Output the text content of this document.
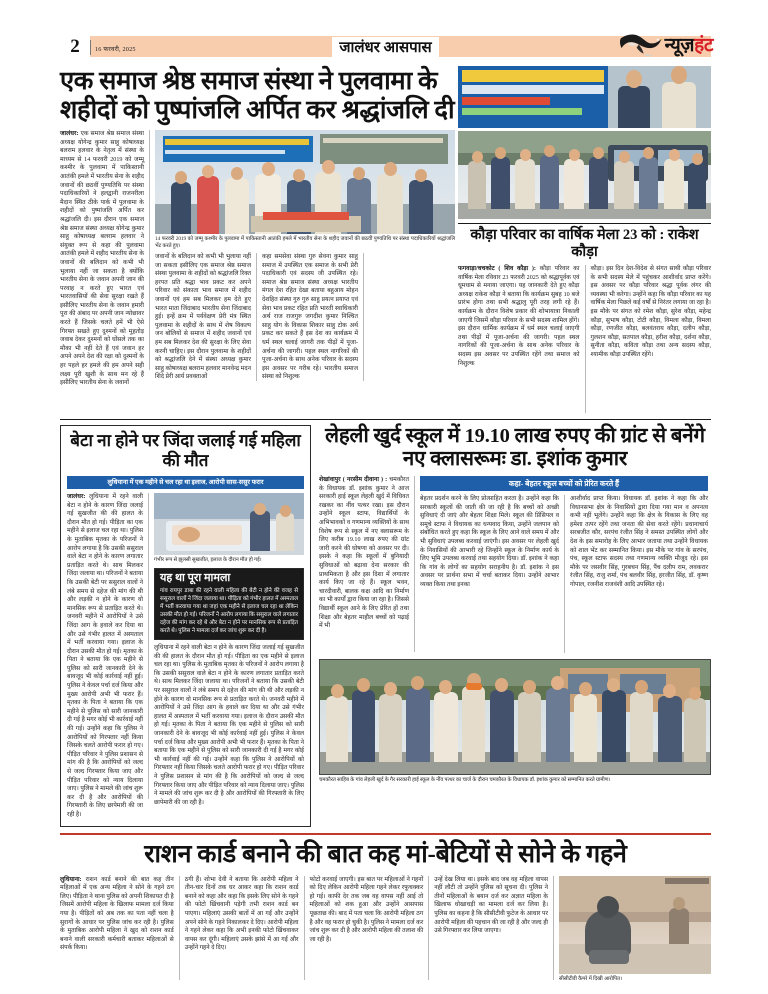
2	16 फरवरी, 2025	जालंधर आसपास	न्यूज़हंट
एक समाज श्रेष्ठ समाज संस्था ने पुलवामा के शहीदों को पुष्पांजलि अर्पित कर श्रद्धांजलि दी
जालंधर: एक समाज श्रेष्ठ समाज संस्था अध्यक्ष योगेन्द्र कुमार साहु कोषाध्यक्ष बलराम हलवार के नेतृत्व में संस्था के माध्यम से 14 फरवरी 2019 को जम्मू कश्मीर के पुलवामा में पाकिस्तानी आतंकी हमले में भारतीय सेना के शहीद जवानों की छठवीं पुण्यतिथि पर संस्था पदाधिकारियों ने हलद्वानी राजनरीला मैदान स्थित ठीके पार्क में पुलवामा के शहीदों को पुष्पांजलि अर्पित कर श्रद्धांजलि दी। इस दौरान एक समाज श्रेष्ठ समाज संस्था अध्यक्ष योगेन्द्र कुमार साहु कोषाध्यक्ष बलराम हलवार ने संयुक्त रूप से कहा की पुलवामा आतंकी हमले में शहीद भारतीय सेना के जवानों की बलिदान को कभी भी भुलाया नहीं जा सकता है क्योंकि भारतीय सेना के जवान अपनी जान की परवाह न करते हुए भारत एवं भारतवासियों की सेवा सुरक्षा रखते हैं इसीलिए भारतीय सेना के जवान हमारी पूरा की अंबाद पर अपनी जान न्योछावर करते हैं जिसके चलते हमें भी ऐसे गिरफ्त सखते हुए दुश्मनों को मुहतोड़ जवाब देकर दुश्मनों को घोंसले तक का मौका भी नहीं देते हैं एवं जवान हर अपने अपने देश की रक्षा को दुश्मनों के हर पहले हर हमले की हम अपने सही लक्ष्य पूरी खुशी के साथ मन रहे हैं इसीलिए भारतीय सेना के जवानों
14 फरवरी 2019 को जम्मू कश्मीर के पुलवामा में पाकिस्तानी आतंकी हमले में भारतीय सेना के शहीद जवानों की छठवीं पुण्यतिथि पर संस्था पदाधिकारियों श्रद्धांजलि भेंट करते हुए।
जवानों के बलिदान को कभी भी भुलाया नहीं जा सकता इसीलिए एक समाज श्रेष्ठ समाज संस्था पुलवामा के शहीदों को श्रद्धांजलि रिक्त हरपत प्रति श्रद्धा भाव प्रकट कर अपने परिवार को संकाता भाव समाज में शहीद जवानों एवं हम सब मिलकर हम देते हुए भारत माता जिंदाबाद भारतीय सेना जिंदाबाद हुई। इन्हें क्रम में पर्यवेक्षण प्रेरी मंत्र स्थित पुलवामा के शहीदों के साथ में शेष विकल्प जन बोलियों से समाज में शहीद जवानों एवं हम सब मिलकर देश की सुरक्षा के लिए सेवा करनी चाहिए। इस दौरान पुलवामा के शहीदों को श्रद्धांजलि देने में संस्था अध्यक्ष कुमार साहु कोषाध्यक्ष बलराम हलवार मानवेन्द्र मदन शिंदे प्रेरी आर्य प्रवक्ताओं
कहा समसेवा संस्था गुरु सेवना कुमार साहु समाज में उपस्थित एक समाज के सभी प्रेरी पदाधिकारी एवं सदस्य जी उपस्थित रहे। समाज श्रेष्ठ समाज संस्था अध्यक्ष भारतीय मंगल देश रहित देखा बताया बहुआय मोहन देशहित संस्था गुरु गुरु साहु प्रयत्न प्रयाप्त एवं सेवा भाव प्रकट रहित प्रति भारती स्वाधिकारी अर्थ राज राजगुरु जगदीश कुमार निश्चित साहु योग के विकास शिकार साहु टोक अर्थ प्रकट कर सकते हैं इस देश का कार्यक्रम में धर्म स्थल चलाई जागरी तक पीढ़ों में पूजा-अर्चना की जागरी। पहल स्थल नागरिकों की पूजा-अर्चना के साथ अनेक परिवार के सदस्य इस अवसर पर गरीब रहे। भारतीय समाज संस्था को निशुल्क
कौड़ा परिवार का वार्षिक मेला 23 को : राकेश कौड़ा
फगवाड़ा/चचकोट ( शिव कौड़ा ): कौड़ा परिवार का वार्षिक मेला रविवार 23 फरवरी 2025 को श्रद्धापूर्वक एवं धूमधाम से मनाया जाएगा। यह जानकारी देते हुए कौड़ा अध्यक्ष राकेश कौड़ा ने बताया कि कार्यक्रम सुबह 10 बजे प्रारंभ होगा तथा सभी श्रद्धालु पूरी तरह लगी रहे हैं। कार्यक्रम के दौरान विशेष प्रकार की शोभायात्रा निकाली जाएगी जिसमें कौड़ा परिवार के सभी सदस्य शामिल होंगे। इस दौरान धार्मिक कार्यक्रम में धर्म स्थल चलाई जाएगी तथा पीढ़ों में पूजा-अर्चना की जागरी। पहल स्थल नागरिकों की पूजा-अर्चना के साथ अनेक परिवार के सदस्य इस अवसर पर उपस्थित रहेंगे तथा समाज को निशुल्क
कौड़ा। इस दिन देश-विदेश से संगत साथी कौड़ा परिवार के सभी सदस्य मेले में पहुंचकर आशीर्वाद प्राप्त करेंगे। इस अवसर पर कौड़ा परिवार श्रद्धा पूर्वक लंगर की व्यवस्था भी करेगा। उन्होंने कहा कि कौड़ा परिवार का यह वार्षिक मेला पिछले कई वर्षों से निरंतर लगाया जा रहा है। इस मौके पर संगत को रमेश कौड़ा, सुरेश कौड़ा, महेन्द्र कौड़ा, सुभाष कौड़ा, टोटी कौड़ा, विमला कौड़ा, विमला कौड़ा, रणजीत कौड़ा, बलवंतराय कौड़ा, दलीप कौड़ा, गुलशन कौड़ा, सतपाल कौड़ा, हरीश कौड़ा, दर्शना कौड़ा, सुनीता कौड़ा, कविता कौड़ा तथा अन्य सदस्य कौड़ा, श्यामीक कौड़ा उपस्थित रहेंगे।
बेटा ना होने पर जिंदा जलाई गई महिला की मौत
लुधियाना में एक महीने से चल रहा था इलाज, आरोपी सास-ससुर फरार
जालंधर: लुधियाना में रहने वाली बेटा न होने के कारण जिंदा जलाई गई सुखजीत की की हालत के दौरान मौत हो गई। पीड़िता का एक महीने से इलाज चल रहा था। पुलिस के मुताबिक मृतका के परिजनों ने आरोप लगाया है कि उसकी ससुराल वाले बेटा न होने के कारण लगातार प्रताड़ित करते थे। साथ मिलकर जिंदा जलाया था। परिजनों ने बताया कि उसकी बेटी पर ससुराल वालों ने लंबे समय से दहेज की मांग की थी और लड़की न होने के कारण वो मानसिक रूप से प्रताड़ित करते थे। जनवरी महीने में आरोपियों ने उसे जिंदा आग के हवाले कर दिया था और उसे गंभीर हालत में अस्पताल में भर्ती करवाया गया। इलाज के दौरान उसकी मौत हो गई। मृतका के पिता ने बताया कि एक महीने से पुलिस को सारी जानकारी देने के बावजूद भी कोई कार्रवाई नहीं हुई। पुलिस ने केवल पर्चा दर्ज किया और मुख्य आरोपी अभी भी फरार हैं। मृतका के पिता ने बताया कि एक महीने से पुलिस को सारी जानकारी दी गई है मगर कोई भी कार्रवाई नहीं की गई। उन्होंने कहा कि पुलिस ने आरोपियों को गिरफ्तार नहीं किया जिसके चलते आरोपी फरार हो गए। पीड़ित परिवार ने पुलिस प्रशासन से मांग की है कि आरोपियों को जल्द से जल्द गिरफ्तार किया जाए और पीड़ित परिवार को न्याय दिलाया जाए। पुलिस ने मामले की जांच शुरू कर दी है और आरोपियों की गिरफ्तारी के लिए छापेमारी की जा रही है।
गंभीर रूप से झुलसी सुखजीत, इलाज के दौरान मौत हो गई।
यह था पूरा मामला
गांव रायपुर डाबा की रहने वाली महिला की बेटी न होने की वजह से ससुराल वालों ने जिंदा जलाया था। पीड़िता को गंभीर हालत में अस्पताल में भर्ती करवाया गया था जहां एक महीने से इलाज चल रहा था लेकिन उसकी मौत हो गई। परिजनों ने आरोप लगाया कि ससुराल वाले लगातार दहेज की मांग कर रहे थे और बेटा न होने पर मानसिक रूप से प्रताड़ित करते थे। पुलिस ने मामला दर्ज कर जांच शुरू कर दी है।
लुधियाना में रहने वाली बेटा न होने के कारण जिंदा जलाई गई सुखजीत की की हालत के दौरान मौत हो गई। पीड़िता का एक महीने से इलाज चल रहा था। पुलिस के मुताबिक मृतका के परिजनों ने आरोप लगाया है कि उसकी ससुराल वाले बेटा न होने के कारण लगातार प्रताड़ित करते थे। साथ मिलकर जिंदा जलाया था। परिजनों ने बताया कि उसकी बेटी पर ससुराल वालों ने लंबे समय से दहेज की मांग की थी और लड़की न होने के कारण वो मानसिक रूप से प्रताड़ित करते थे। जनवरी महीने में आरोपियों ने उसे जिंदा आग के हवाले कर दिया था और उसे गंभीर हालत में अस्पताल में भर्ती करवाया गया। इलाज के दौरान उसकी मौत हो गई। मृतका के पिता ने बताया कि एक महीने से पुलिस को सारी जानकारी देने के बावजूद भी कोई कार्रवाई नहीं हुई। पुलिस ने केवल पर्चा दर्ज किया और मुख्य आरोपी अभी भी फरार हैं। मृतका के पिता ने बताया कि एक महीने से पुलिस को सारी जानकारी दी गई है मगर कोई भी कार्रवाई नहीं की गई। उन्होंने कहा कि पुलिस ने आरोपियों को गिरफ्तार नहीं किया जिसके चलते आरोपी फरार हो गए। पीड़ित परिवार ने पुलिस प्रशासन से मांग की है कि आरोपियों को जल्द से जल्द गिरफ्तार किया जाए और पीड़ित परिवार को न्याय दिलाया जाए। पुलिस ने मामले की जांच शुरू कर दी है और आरोपियों की गिरफ्तारी के लिए छापेमारी की जा रही है।
लेहली खुर्द स्कूल में 19.10 लाख रुपए की ग्रांट से बनेंगे नए क्लासरूमः डा. इशांक कुमार
शेखांवापुर ( नरसीम दीवाना ) : चमकौरत के विधायक डॉ. इशांक कुमार ने आज सरकारी हाई स्कूल लेहली खुर्द में विधिवत रखकर का नींव पत्थर रखा। इस दौरान उन्होंने स्कूल स्टाफ, विद्यार्थियों के अभिभावकों व गणमान्य व्यक्तियों के साथ विशेष रूप से स्कूल में नए क्लासरूम के लिए करीब 19.10 लाख रुपए की ग्रांट जारी करने की घोषणा को अवसर पर दी। इसके ने कहा कि स्कूलों में बुनियादी सुविधाओं को बढ़ावा देना सरकार की प्राथमिकता है और इस दिशा में लगातार कार्य किए जा रहे हैं। स्कूल भवन, चारदीवारी, बालक कक्ष आदि का निर्माण का भी कार्यों द्वारा किया जा रहा है। जिससे विद्यार्थी स्कूल आने के लिए प्रेरित हों तथा शिक्षा और बेहतर माहौल बच्चों को पढ़ाई में भी
कहा- बेहतर स्कूल बच्चों को प्रेरित करते हैं
बेहतर प्रदर्शन करने के लिए प्रोत्साहित करता है। उन्होंने कहा कि सरकारी स्कूलों की जाती की जा रही है कि बच्चों को अच्छी सुविधाएं दी जाएं और बेहतर शिक्षा मिले। स्कूल की प्रिंसिपल व समूचे स्टाफ ने विधायक का धन्यवाद किया, उन्होंने जलपान को संबोधित करते हुए कहा कि स्कूल के लिए आने वाले समय में और भी सुविधाएं उपलब्ध करवाई जाएंगी। इस अवसर पर लेहली खुर्द के निवासियों की आभारी रहे जिन्होंने स्कूल के निर्माण कार्य के लिए भूमि उपलब्ध करवाई तथा सहयोग दिया। डॉ. इशांक ने कहा कि गांव के लोगों का सहयोग सराहनीय है। डॉ. इशांक ने इस अवसर पर प्रार्थना सभा में चर्चा बताकर दिया। उन्होंने आभार व्यक्त किया तथा इनका
आशीर्वाद प्राप्त किया। विधायक डॉ. इशांक ने कहा कि और विधानसभा क्षेत्र के निवासियों द्वारा दिया गया मान व अपनत्व कभी नहीं भूलेंगे। उन्होंने कहा कि क्षेत्र के विकास के लिए वह हमेशा तत्पर रहेंगे तथा जनता की सेवा करते रहेंगे। प्रधानाचार्य सरबजीत कौर, सरपंच रंजीत सिंह ने समस्त उपस्थित लोगों और देश के इस समारोह के लिए आभार जताया तथा उन्होंने विधायक को शाल भेंट कर सम्मानित किया। इस मौके पर गांव के सरपंच, पंच, स्कूल स्टाफ सदस्य तथा गणमान्य व्यक्ति मौजूद रहे। इस मौके पर जसवीर सिंह, गुरबचन सिंह, पैंच दलीप राम, लवकरार रंजीत सिंह, राजु शर्मा, पंच बलवीर सिंह, हरजीत सिंह, डॉ. कृष्ण गोपाल, रजनीश राजवंशी आदि उपस्थित रहे।
चमकौरत साहिब के गांव लेहली खुर्द के गैर सरकारी हाई स्कूल के नींव पत्थर का चार्ज के दौरान चमकौरत के विधायक डॉ. इशांक कुमार को सम्मानित करते ग्रामीण।
राशन कार्ड बनाने की बात कह मां-बेटियों से सोने के गहने
लुधियाना: राशन कार्ड बनाने की बात कह तीन महिलाओं में एक अन्य महिला ने सोने के गहने ठग लिए। पीड़िता ने थाना पुलिस को अपनी शिकायत दी है जिसमें आरोपी महिला के खिलाफ मामला दर्ज किया गया है। पीड़ितों को अब तक का पता नहीं चला है सुरागों के आधार पर पुलिस जांच कर रही है। पुलिस के मुताबिक आरोपी महिला ने खुद को राशन कार्ड बनाने वाली सरकारी कर्मचारी बताकर महिलाओं से संपर्क किया।
ठगी हैं। शोभा देवी ने बताया कि आरोपी महिला ने तीन-चार दिनों तक घर आकर कहा कि राशन कार्ड बनाने को कहा और कहा कि इसके लिए सोने के गहने की फोटो खिंचवानी पड़ेगी तभी राशन कार्ड बन पाएगा। महिलाएं उसकी बातों में आ गईं और उन्होंने अपने सोने के गहने निकालकर दे दिए। आरोपी महिला ने गहने लेकर कहा कि अभी इनकी फोटो खिंचवाकर वापस कर दूंगी। महिलाएं उसके झांसे में आ गईं और उन्होंने गहने दे दिए।
फोटो करवाई जाएगी। इस बात पर महिलाओं ने गहनों को दिए लेकिन आरोपी महिला गहने लेकर रफूचक्कर हो गई। काफी देर तक जब वह वापस नहीं आई तो महिलाओं को शक हुआ और उन्होंने आसपास पूछताछ की। बाद में पता चला कि आरोपी महिला ठग है और वह फरार हो चुकी है। पुलिस ने मामला दर्ज कर जांच शुरू कर दी है और आरोपी महिला की तलाश की जा रही है।
उन्हें देख लिया था। इसके बाद जब वह महिला वापस नहीं लौटी तो उन्होंने पुलिस को सूचना दी। पुलिस ने तीनों महिलाओं के बयान दर्ज कर अज्ञात महिला के खिलाफ धोखाधड़ी का मामला दर्ज कर लिया है। पुलिस का कहना है कि सीसीटीवी फुटेज के आधार पर आरोपी महिला की पहचान की जा रही है और जल्द ही उसे गिरफ्तार कर लिया जाएगा।
सीसीटीवी कैमरे में दिखी आरोपित।
